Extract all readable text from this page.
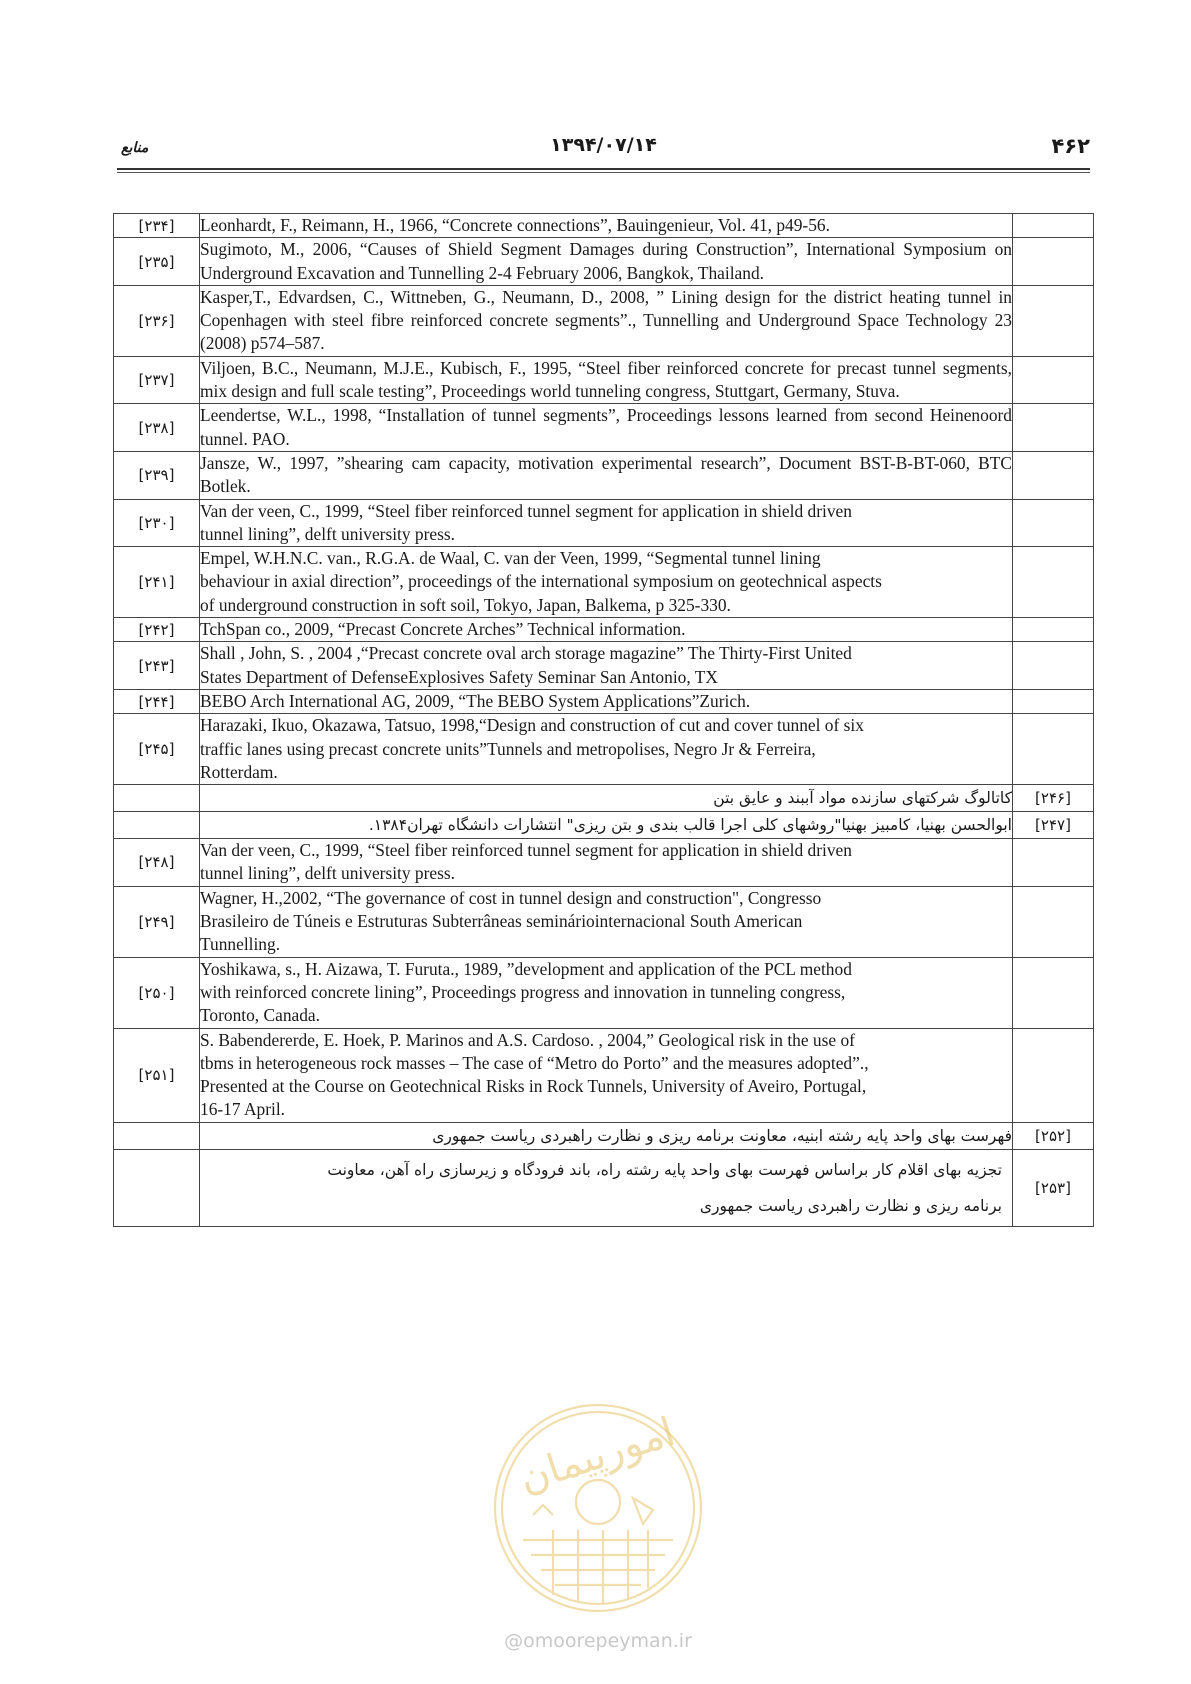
۴۶۲
۱۳۹۴/۰۷/۱۴
منابع
[۲۳۴]	Leonhardt, F., Reimann, H., 1966, “Concrete connections”, Bauingenieur, Vol. 41, p49-56.	
[۲۳۵]	Sugimoto, M., 2006, “Causes of Shield Segment Damages during Construction”, International Symposium on Underground Excavation and Tunnelling 2-4 February 2006, Bangkok, Thailand.	
[۲۳۶]	Kasper,T., Edvardsen, C., Wittneben, G., Neumann, D., 2008, ” Lining design for the district heating tunnel in Copenhagen with steel fibre reinforced concrete segments”., Tunnelling and Underground Space Technology 23 (2008) p574–587.	
[۲۳۷]	Viljoen, B.C., Neumann, M.J.E., Kubisch, F., 1995, “Steel fiber reinforced concrete for precast tunnel segments, mix design and full scale testing”, Proceedings world tunneling congress, Stuttgart, Germany, Stuva.	
[۲۳۸]	Leendertse, W.L., 1998, “Installation of tunnel segments”, Proceedings lessons learned from second Heinenoord tunnel. PAO.	
[۲۳۹]	Jansze, W., 1997, ”shearing cam capacity, motivation experimental research”, Document BST-B-BT-060, BTC Botlek.	
[۲۳۰]	Van der veen, C., 1999, “Steel fiber reinforced tunnel segment for application in shield driven
tunnel lining”, delft university press.	
[۲۴۱]	Empel, W.H.N.C. van., R.G.A. de Waal, C. van der Veen, 1999, “Segmental tunnel lining
behaviour in axial direction”, proceedings of the international symposium on geotechnical aspects
of underground construction in soft soil, Tokyo, Japan, Balkema, p 325-330.	
[۲۴۲]	TchSpan co., 2009, “Precast Concrete Arches” Technical information.	
[۲۴۳]	Shall , John, S. , 2004 ,“Precast concrete oval arch storage magazine” The Thirty-First United
States Department of DefenseExplosives Safety Seminar San Antonio, TX	
[۲۴۴]	BEBO Arch International AG, 2009, “The BEBO System Applications”Zurich.	
[۲۴۵]	Harazaki, Ikuo, Okazawa, Tatsuo, 1998,“Design and construction of cut and cover tunnel of six
traffic lanes using precast concrete units”Tunnels and metropolises, Negro Jr & Ferreira,
Rotterdam.	
	کاتالوگ شرکتهای سازنده مواد آببند و عایق بتن	[۲۴۶]
	ابوالحسن بهنیا، کامبیز بهنیا"روشهای کلی اجرا قالب بندی و بتن ریزی" انتشارات دانشگاه تهران۱۳۸۴.	[۲۴۷]
[۲۴۸]	Van der veen, C., 1999, “Steel fiber reinforced tunnel segment for application in shield driven
tunnel lining”, delft university press.	
[۲۴۹]	Wagner, H.,2002, “The governance of cost in tunnel design and construction", Congresso
Brasileiro de Túneis e Estruturas Subterrâneas semináriointernacional South American
Tunnelling.	
[۲۵۰]	Yoshikawa, s., H. Aizawa, T. Furuta., 1989, ”development and application of the PCL method
with reinforced concrete lining”, Proceedings progress and innovation in tunneling congress,
Toronto, Canada.	
[۲۵۱]	S. Babendererde, E. Hoek, P. Marinos and A.S. Cardoso. , 2004,” Geological risk in the use of
tbms in heterogeneous rock masses – The case of “Metro do Porto” and the measures adopted”.,
Presented at the Course on Geotechnical Risks in Rock Tunnels, University of Aveiro, Portugal,
16-17 April.	
	فهرست بهای واحد پایه رشته ابنیه، معاونت برنامه ریزی و نظارت راهبردی ریاست جمهوری	[۲۵۲]
	تجزیه بهای اقلام کار براساس فهرست بهای واحد پایه رشته راه، باند فرودگاه و زیرسازی راه آهن، معاونت
برنامه ریزی و نظارت راهبردی ریاست جمهوری	[۲۵۳]
امورپیمان
@omoorepeyman.ir
